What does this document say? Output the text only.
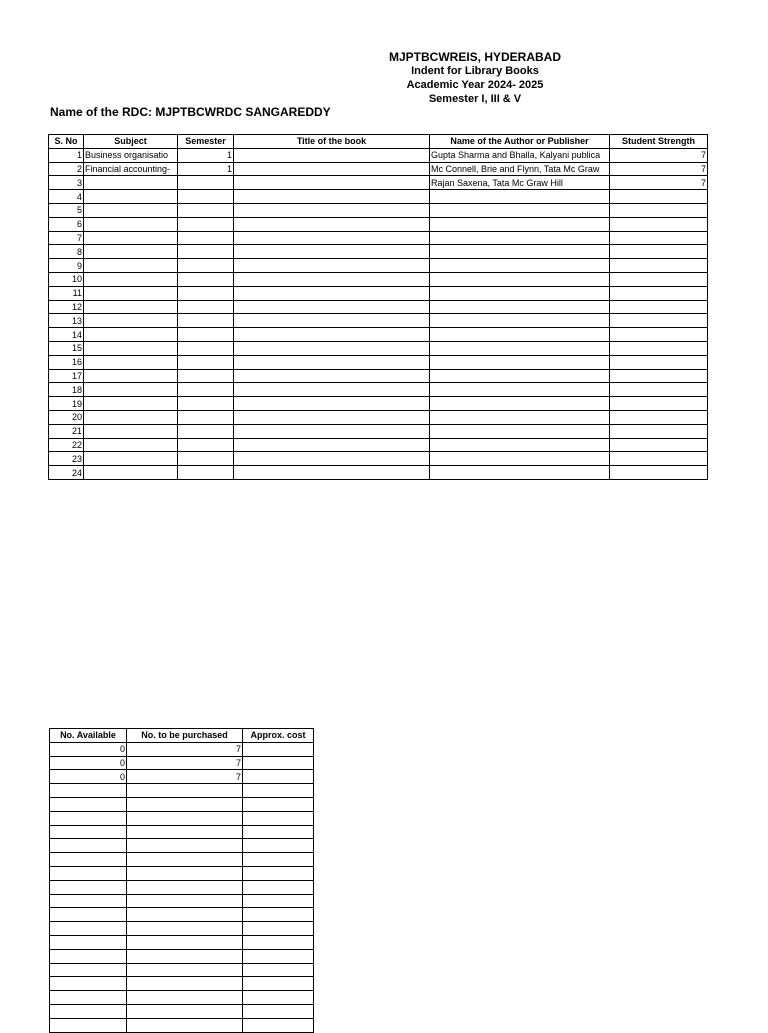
MJPTBCWREIS, HYDERABAD
Indent for Library Books
Academic Year 2024- 2025
Semester I, III & V
Name of the RDC: MJPTBCWRDC SANGAREDDY
S. No	Subject	Semester	Title of the book	Name of the Author or Publisher	Student Strength
1	Business organisatio	1		Gupta Sharma and Bhalla, Kalyani publica	7
2	Financial accounting-	1		Mc Connell, Brie and Flynn, Tata Mc Graw	7
3				Rajan Saxena, Tata Mc Graw Hill	7
4					
5					
6					
7					
8					
9					
10					
11					
12					
13					
14					
15					
16					
17					
18					
19					
20					
21					
22					
23					
24					
No. Available	No. to be purchased	Approx. cost
0	7	
0	7	
0	7	
